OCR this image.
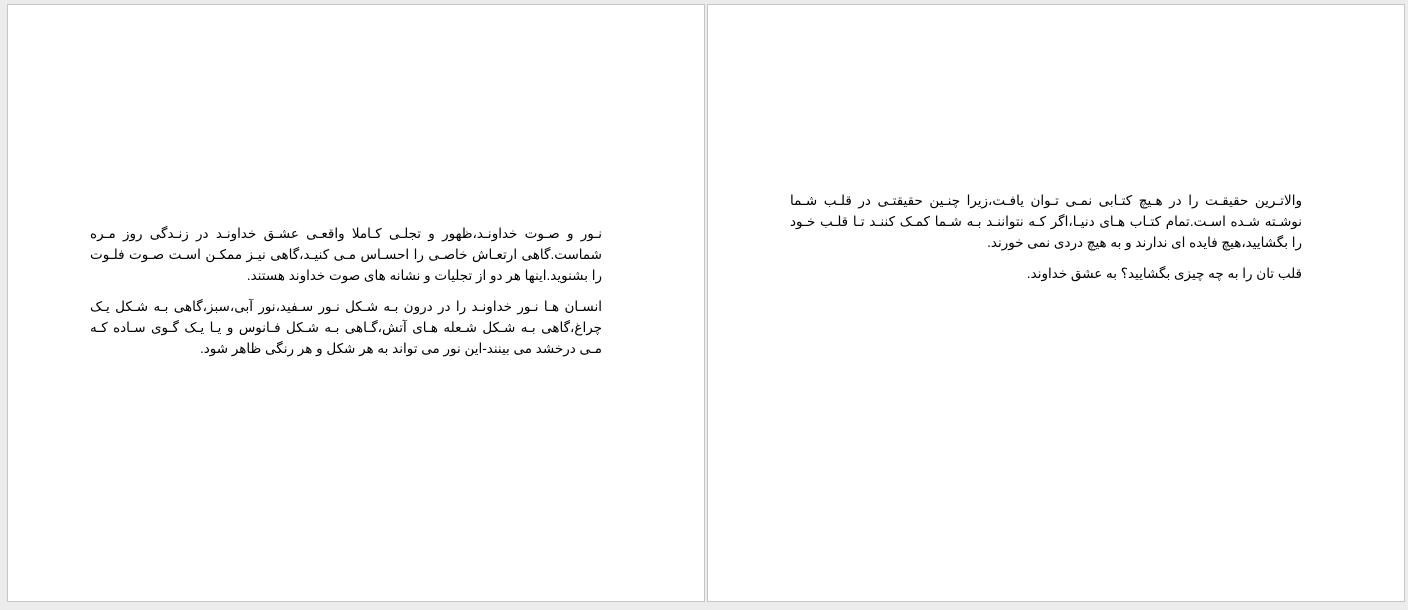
نـور و صـوت خداونـد،ظهور و تجلـی کـاملا واقعـی عشـق خداونـد در زنـدگی روز مـره شماست.گاهی ارتعـاش خاصـی را احسـاس مـی کنیـد،گاهی نیـز ممکـن اسـت صـوت فلـوت را بشنوید.اینها هر دو از تجلیات و نشانه های صوت خداوند هستند.

انسـان هـا نـور خداونـد را در درون بـه شـکل نـور سـفید،نور آبی،سبز،گاهی بـه شـکل یـک چراغ،گاهی بـه شـکل شـعله هـای آتش،گـاهی بـه شـکل فـانوس و یـا یـک گـوی سـاده کـه مـی درخشد می بینند-این نور می تواند به هر شکل و هر رنگی ظاهر شود.

والاتـرین حقیقـت را در هـیچ کتـابی نمـی تـوان یافـت،زیرا چنـین حقیقتـی در قلـب شـما نوشـته شـده اسـت.تمام کتـاب هـای دنیـا،اگر کـه نتواننـد بـه شـما کمـک کننـد تـا قلـب خـود را بگشایید،هیچ فایده ای ندارند و به هیچ دردی نمی خورند.

قلب تان را به چه چیزی بگشایید؟ به عشق خداوند.
